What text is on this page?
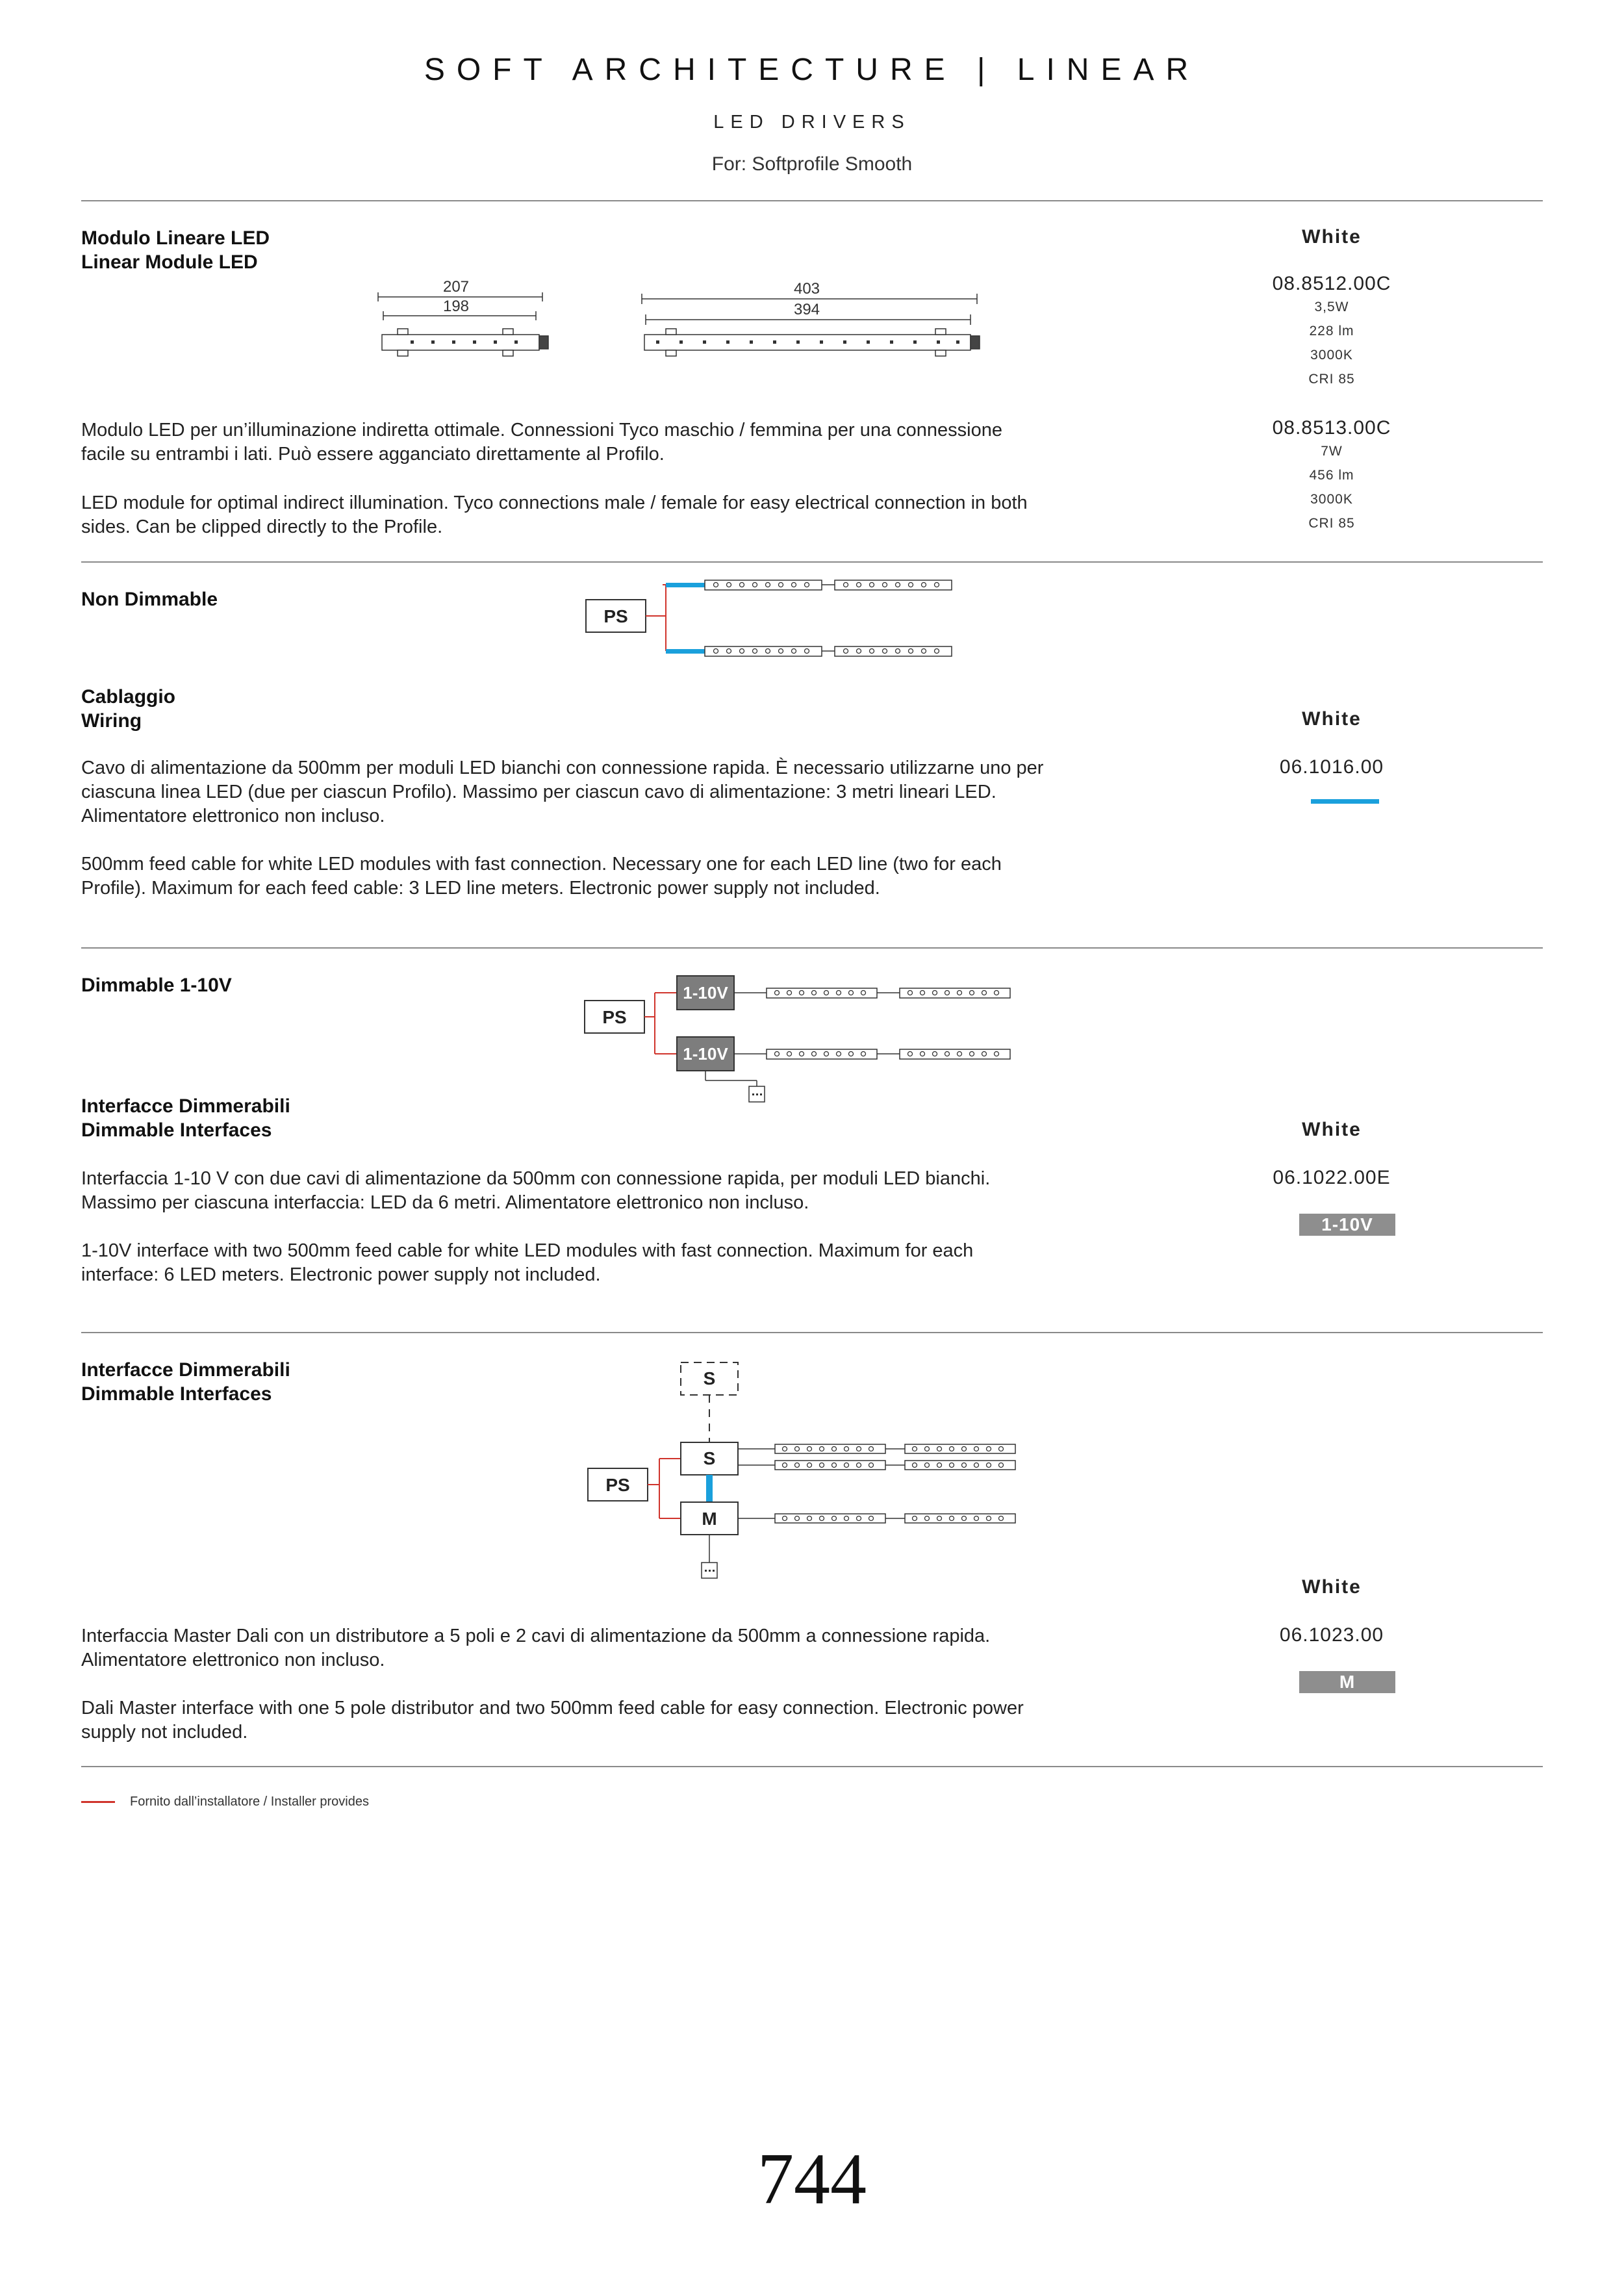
SOFT ARCHITECTURE | LINEAR
LED DRIVERS
For: Softprofile Smooth
Modulo Lineare LED
Linear Module LED
207
198
403
394
White
08.8512.00C
3,5W
228 lm
3000K
CRI 85
08.8513.00C
7W
456 lm
3000K
CRI 85
Modulo LED per un’illuminazione indiretta ottimale. Connessioni Tyco maschio / femmina per una connessione facile su entrambi i lati. Può essere agganciato direttamente al Profilo.
LED module for optimal indirect illumination. Tyco connections male / female for easy electrical connection in both sides. Can be clipped directly to the Profile.
Non Dimmable
PS
Cablaggio
Wiring	White
06.1016.00
Cavo di alimentazione da 500mm per moduli LED bianchi con connessione rapida. È necessario utilizzarne uno per ciascuna linea LED (due per ciascun Profilo). Massimo per ciascun cavo di alimentazione: 3 metri lineari LED. Alimentatore elettronico non incluso.
500mm feed cable for white LED modules with fast connection. Necessary one for each LED line (two for each Profile). Maximum for each feed cable: 3 LED line meters. Electronic power supply not included.
Dimmable 1-10V
PS
1-10V
1-10V
Interfacce Dimmerabili
Dimmable Interfaces	White
06.1022.00E
1-10V
Interfaccia 1-10 V con due cavi di alimentazione da 500mm con connessione rapida, per moduli LED bianchi. Massimo per ciascuna interfaccia: LED da 6 metri. Alimentatore elettronico non incluso.
1-10V interface with two 500mm feed cable for white LED modules with fast connection. Maximum for each interface: 6 LED meters. Electronic power supply not included.
Interfacce Dimmerabili
Dimmable Interfaces
S
PS
S
M
White
06.1023.00
M
Interfaccia Master Dali con un distributore a 5 poli e 2 cavi di alimentazione da 500mm a connessione rapida. Alimentatore elettronico non incluso.
Dali Master interface with one 5 pole distributor and two 500mm feed cable for easy connection. Electronic power supply not included.
Fornito dall’installatore / Installer provides
744
